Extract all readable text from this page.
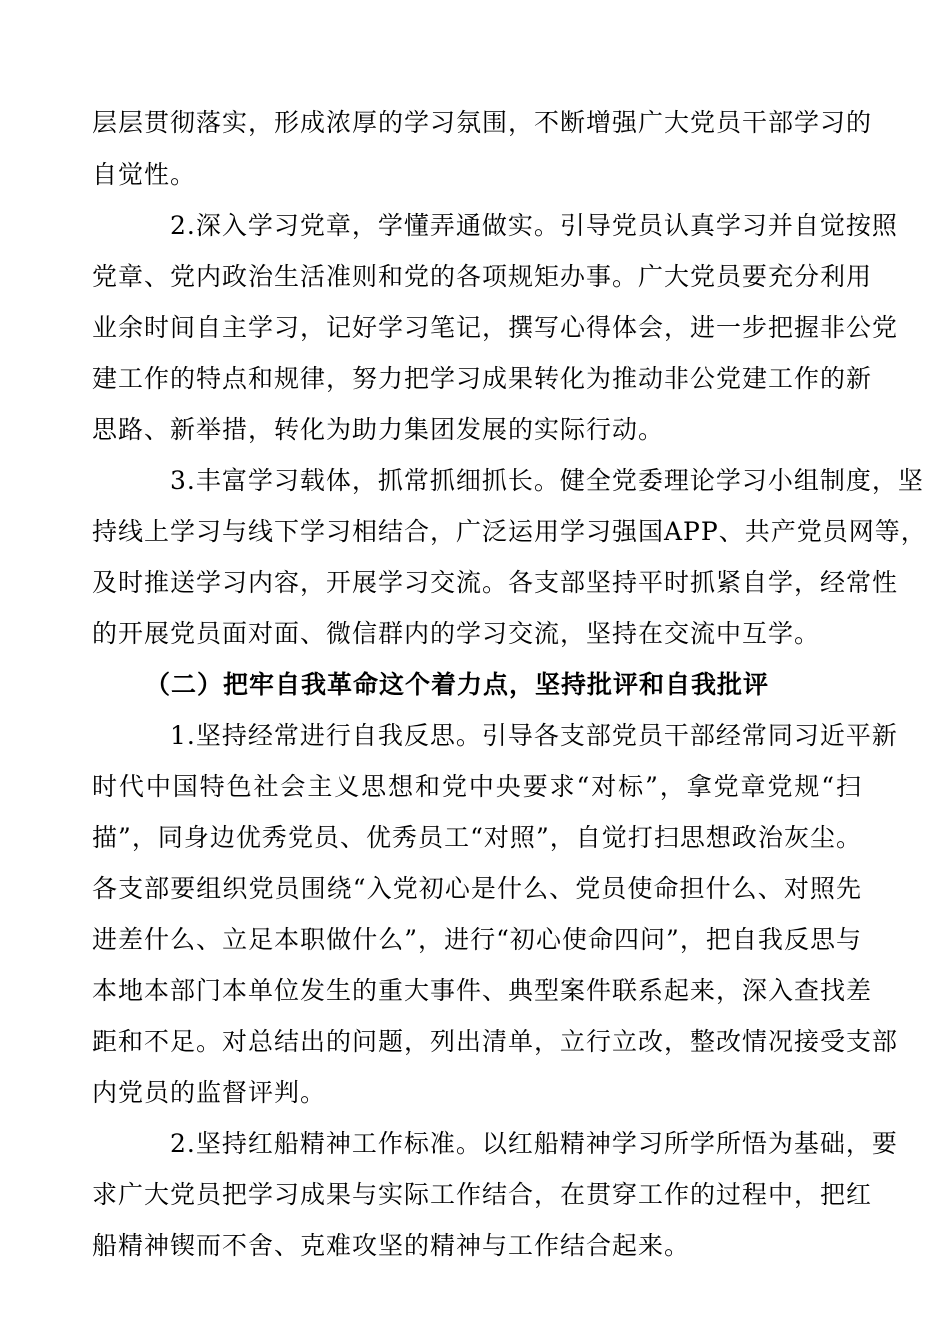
层层贯彻落实，形成浓厚的学习氛围，不断增强广大党员干部学习的
自觉性。
2.深入学习党章，学懂弄通做实。引导党员认真学习并自觉按照
党章、党内政治生活准则和党的各项规矩办事。广大党员要充分利用
业余时间自主学习，记好学习笔记，撰写心得体会，进一步把握非公党
建工作的特点和规律，努力把学习成果转化为推动非公党建工作的新
思路、新举措，转化为助力集团发展的实际行动。
3.丰富学习载体，抓常抓细抓长。健全党委理论学习小组制度，坚
持线上学习与线下学习相结合，广泛运用学习强国APP、共产党员网等，
及时推送学习内容，开展学习交流。各支部坚持平时抓紧自学，经常性
的开展党员面对面、微信群内的学习交流，坚持在交流中互学。
（二）把牢自我革命这个着力点，坚持批评和自我批评
1.坚持经常进行自我反思。引导各支部党员干部经常同习近平新
时代中国特色社会主义思想和党中央要求“对标”，拿党章党规“扫
描”，同身边优秀党员、优秀员工“对照”，自觉打扫思想政治灰尘。
各支部要组织党员围绕“入党初心是什么、党员使命担什么、对照先
进差什么、立足本职做什么”，进行“初心使命四问”，把自我反思与
本地本部门本单位发生的重大事件、典型案件联系起来，深入查找差
距和不足。对总结出的问题，列出清单，立行立改，整改情况接受支部
内党员的监督评判。
2.坚持红船精神工作标准。以红船精神学习所学所悟为基础，要
求广大党员把学习成果与实际工作结合，在贯穿工作的过程中，把红
船精神锲而不舍、克难攻坚的精神与工作结合起来。
